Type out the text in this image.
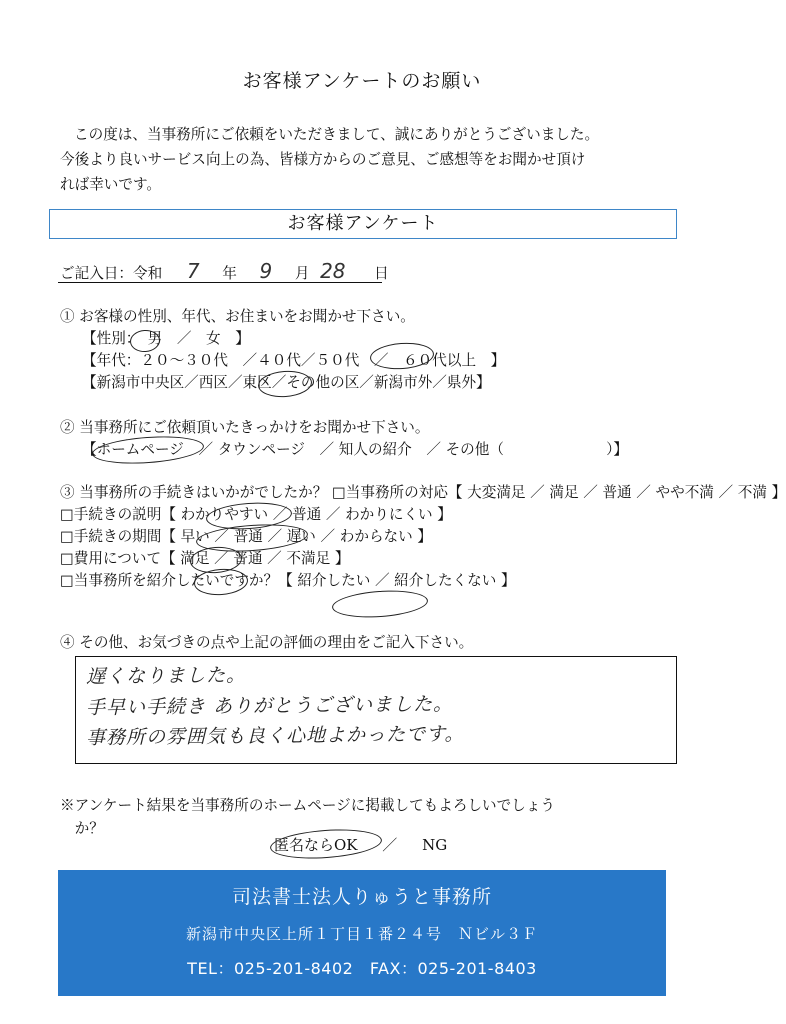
お客様アンケートのお願い

この度は、当事務所にご依頼をいただきまして、誠にありがとうございました。

今後より良いサービス向上の為、皆様方からのご意見、ご感想等をお聞かせ頂け

れば幸いです。

お客様アンケート
ご記入日：令和 7 年 9 月 28 日
① お客様の性別、年代、お住まいをお聞かせ下さい。
【性別：　男　／　女　】
【年代：２０～３０代　／４０代／５０代　／　６０代以上　】
【新潟市中央区／西区／東区／その他の区／新潟市外／県外】
② 当事務所にご依頼頂いたきっかけをお聞かせ下さい。
【ホームページ　／ タウンページ　／ 知人の紹介　／ その他（　　　　　　　）】
③ 当事務所の手続きはいかがでしたか？ □当事務所の対応【 大変満足 ／ 満足 ／ 普通 ／ やや不満 ／ 不満 】
□手続きの説明【 わかりやすい ／ 普通 ／ わかりにくい 】
□手続きの期間【 早い ／ 普通 ／ 遅い ／ わからない 】
□費用について【 満足 ／ 普通 ／ 不満足 】
□当事務所を紹介したいですか？【 紹介したい ／ 紹介したくない 】
④ その他、お気づきの点や上記の評価の理由をご記入下さい。
遅くなりました。
手早い手続き ありがとうございました。
事務所の雰囲気も良く心地よかったです。
※アンケート結果を当事務所のホームページに掲載してもよろしいでしょう
　か？
匿名ならOK ／ NG
司法書士法人りゅうと事務所
新潟市中央区上所１丁目１番２４号　Ｎビル３Ｆ
TEL：025-201-8402　FAX：025-201-8403
